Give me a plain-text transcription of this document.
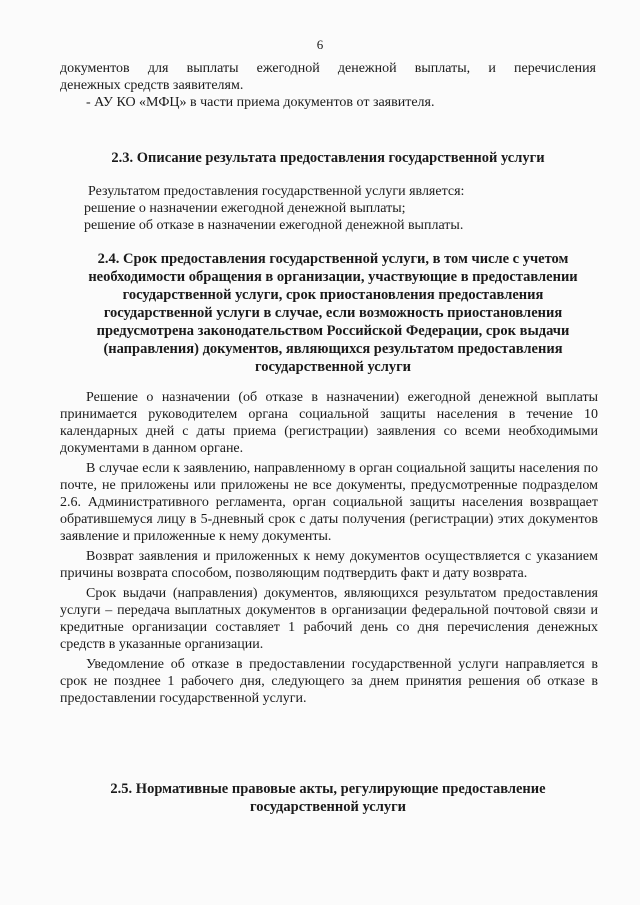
6
документов для выплаты ежегодной денежной выплаты, и перечисления
денежных средств заявителям.
- АУ КО «МФЦ» в части приема документов от заявителя.
2.3. Описание результата предоставления государственной услуги
Результатом предоставления государственной услуги является:
решение о назначении ежегодной денежной выплаты;
решение об отказе в назначении ежегодной денежной выплаты.
2.4. Срок предоставления государственной услуги, в том числе с учетом
необходимости обращения в организации, участвующие в предоставлении
государственной услуги, срок приостановления предоставления
государственной услуги в случае, если возможность приостановления
предусмотрена законодательством Российской Федерации, срок выдачи
(направления) документов, являющихся результатом предоставления
государственной услуги

Решение о назначении (об отказе в назначении) ежегодной денежной выплаты принимается руководителем органа социальной защиты населения в течение 10 календарных дней с даты приема (регистрации) заявления со всеми необходимыми документами в данном органе.

В случае если к заявлению, направленному в орган социальной защиты населения по почте, не приложены или приложены не все документы, предусмотренные подразделом 2.6. Административного регламента, орган социальной защиты населения возвращает обратившемуся лицу в 5-дневный срок с даты получения (регистрации) этих документов заявление и приложенные к нему документы.

Возврат заявления и приложенных к нему документов осуществляется с указанием причины возврата способом, позволяющим подтвердить факт и дату возврата.

Срок выдачи (направления) документов, являющихся результатом предоставления услуги – передача выплатных документов в организации федеральной почтовой связи и кредитные организации составляет 1 рабочий день со дня перечисления денежных средств в указанные организации.

Уведомление об отказе в предоставлении государственной услуги направляется в срок не позднее 1 рабочего дня, следующего за днем принятия решения об отказе в предоставлении государственной услуги.

2.5. Нормативные правовые акты, регулирующие предоставление
государственной услуги
